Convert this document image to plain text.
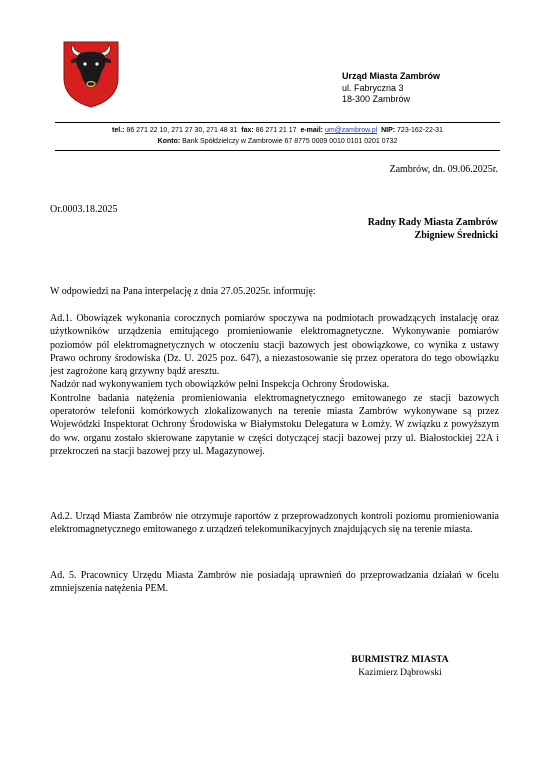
Urząd Miasta Zambrów
ul. Fabryczna 3
18-300 Zambrów
tel.: 86 271 22 10, 271 27 30, 271 48 31 fax: 86 271 21 17 e-mail: um@zambrow.pl NIP: 723-162-22-31
Konto: Bank Spółdzielczy w Zambrowie 67 8775 0009 0010 0101 0201 0732
Zambrów, dn. 09.06.2025r.
Or.0003.18.2025
Radny Rady Miasta Zambrów
Zbigniew Średnicki
W odpowiedzi na Pana interpelację z dnia 27.05.2025r. informuję:
Ad.1. Obowiązek wykonania corocznych pomiarów spoczywa na podmiotach prowadzących instalację oraz użytkowników urządzenia emitującego promieniowanie elektromagnetyczne. Wykonywanie pomiarów poziomów pól elektromagnetycznych w otoczeniu stacji bazowych jest obowiązkowe, co wynika z ustawy Prawo ochrony środowiska (Dz. U. 2025 poz. 647), a niezastosowanie się przez operatora do tego obowiązku jest zagrożone karą grzywny bądź aresztu.
Nadzór nad wykonywaniem tych obowiązków pełni Inspekcja Ochrony Środowiska.
Kontrolne badania natężenia promieniowania elektromagnetycznego emitowanego ze stacji bazowych operatorów telefonii komórkowych zlokalizowanych na terenie miasta Zambrów wykonywane są przez Wojewódzki Inspektorat Ochrony Środowiska w Białymstoku Delegatura w Łomży. W związku z powyższym do ww. organu zostało skierowane zapytanie w części dotyczącej stacji bazowej przy ul. Białostockiej 22A i przekroczeń na stacji bazowej przy ul. Magazynowej.
Ad.2. Urząd Miasta Zambrów nie otrzymuje raportów z przeprowadzonych kontroli poziomu promieniowania elektromagnetycznego emitowanego z urządzeń telekomunikacyjnych znajdujących się na terenie miasta.
Ad. 5. Pracownicy Urzędu Miasta Zambrów nie posiadają uprawnień do przeprowadzania działań w 6celu zmniejszenia natężenia PEM.
BURMISTRZ MIASTA
Kazimierz Dąbrowski
